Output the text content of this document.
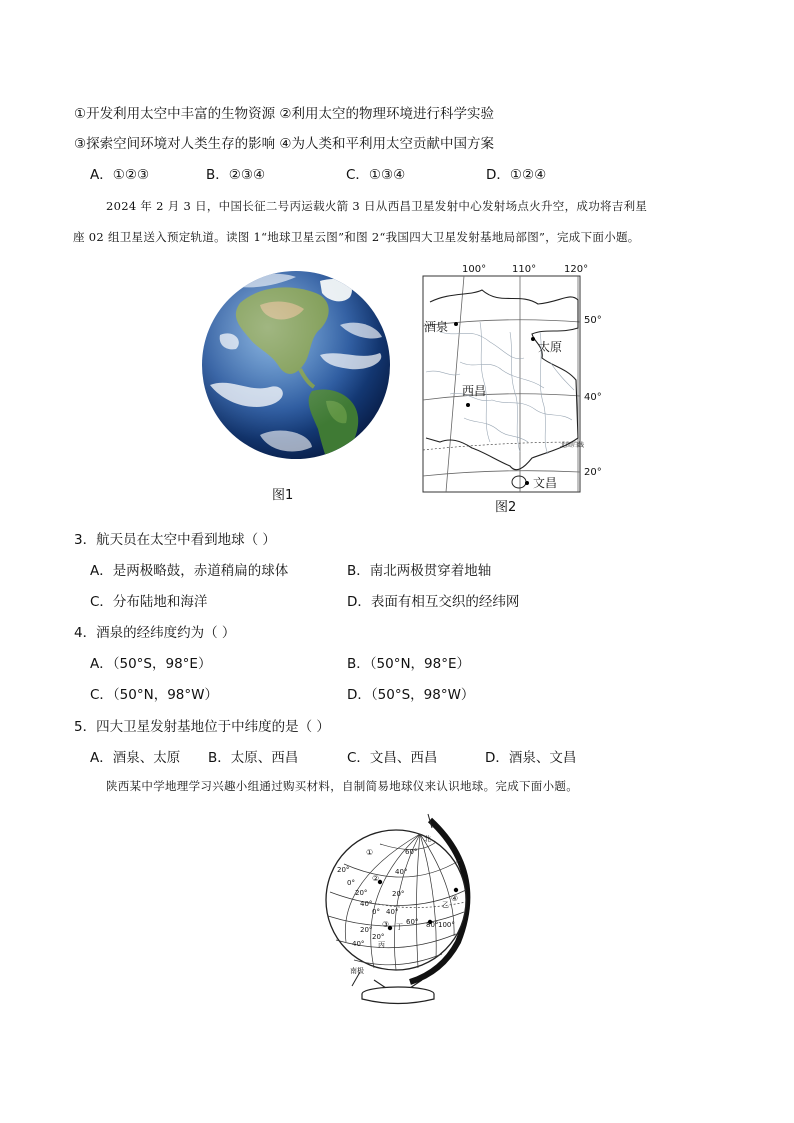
①开发利用太空中丰富的生物资源 ②利用太空的物理环境进行科学实验
③探索空间环境对人类生存的影响 ④为人类和平利用太空贡献中国方案
A．①②③	B．②③④	C．①③④	D．①②④
2024 年 2 月 3 日，中国长征二号丙运载火箭 3 日从西昌卫星发射中心发射场点火升空，成功将吉利星
座 02 组卫星送入预定轨道。读图 1“地球卫星云图”和图 2“我国四大卫星发射基地局部图”，完成下面小题。
图1
100°	110°	120°
50°
40°
20°
酒泉
太原
西昌
文昌
北回归线
图2
3．航天员在太空中看到地球（ ）
A．是两极略鼓，赤道稍扁的球体	B．南北两极贯穿着地轴
C．分布陆地和海洋	D．表面有相互交织的经纬网
4．酒泉的经纬度约为（ ）
A．（50°S，98°E）	B．（50°N，98°E）
C．（50°N，98°W）	D．（50°S，98°W）
5．四大卫星发射基地位于中纬度的是（ ）
A．酒泉、太原 B．太原、西昌	C．文昌、西昌	D．酒泉、文昌
陕西某中学地理学习兴趣小组通过购买材料，自制简易地球仪来认识地球。完成下面小题。
北
南极
60°
40°
20°
0°
20°
40°
20°
0° 40°
60° 80° 100°
20°
40°
20°
乙
丙
丁
①
②
③
④
